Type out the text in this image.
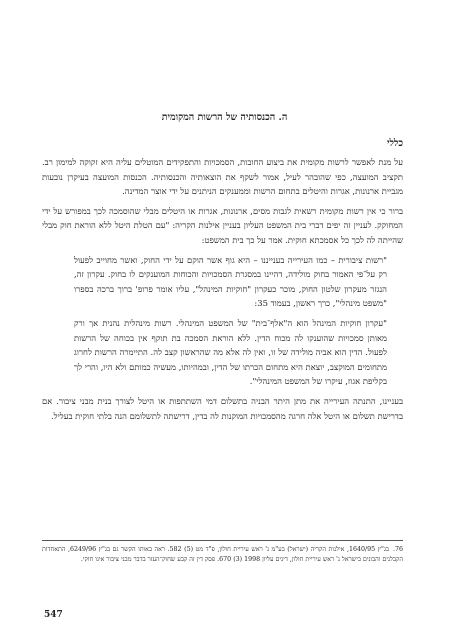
ה. הכנסותיה של הרשות המקומית
כללי

על מנת לאפשר לרשות מקומית את ביצוע החובות, הסמכויות והתפקידים המוטלים עליה היא זקוקה למימון רב. תקציב המועצה, כפי שהובהר לעיל, אמור לשקף את הוצאותיה והכנסותיה. הכנסות המועצה בעיקרן נובעות מגביית ארנונות, אגרות והיטלים בתחום הרשות וממענקים הניתנים על ידי אוצר המדינה.

ברור כי אין רשות מקומית רשאית לגבות מסים, ארנונות, אגרות או היטלים מבלי שהוסמכה לכך במפורש על ידי המחוקק. לעניין זה יפים דברי בית המשפט העליון בעניין אילנות הקריה: "עם הטלת היטל ללא הוראת חוק מבלי שהייתה לה לכך כל אסמכתא חוקית. אמר על כך בית המשפט:

"רשות ציבורית – כמו העירייה בענייננו – היא גוף אשר הוקם על ידי החוק, ואשר מחוייב לפעול רק על־פי האמור בחוק מולידה, דהיינו במסגרת הסמכויות והכוחות המוענקים לו בחוק. עקרון זה, הנגזר מעקרון שלטון החוק, מוכר כעקרון "חוקיות המינהל", עליו אומר פרופ' ברוך ברכה בספרו "משפט מינהלי", כרך ראשון, בעמוד 35:

"עקרון חוקיות המינהל הוא ה"אלף־בית" של המשפט המינהלי. רשות מינהלית נהנית אך ורק מאותן סמכויות שהוענקו לה מכוח הדין. ללא הוראת הסמכה בת תוקף אין בכוחה של הרשות לפעול. הדין הוא אביה מולידה של זו, ואין לה אלא מה שהראשון קצב לה. התיימרה הרשות לחרוג מתחומים המוקצב, יוצאת היא מתחום הכרתו של הדין, ובמהיותו, מעשיה כמותם ולא היו, והרי לך בקליפת אגוז, עיקרו של המשפט המינהלי".

בעניינו, התנתה העירייה את מתן היתר הבניה בתשלום דמי השתתפות או היטל לצורך בנית מבני ציבור. אם בדרישת תשלום או היטל אלה חרגה מהסמכויות המוקנות לה בדין, דרישתה לתשלומם הנה בלתי חוקית בעליל.

76.בג"ץ 1640/95, אילנות הקריה (ישראל) בע"מ נ' ראש עיריית חולון, פ"ד מט (5) 582. ראה באותו הקשר גם בג"ץ 6249/96, התאחדות הקבלנים והבונים בישראל נ' ראש עיריית חולון, דינים עליון 1998 (3) 670. פסק דין זה קבע שחוק־העזר בדבר מבני ציבור אינו חוקי.
547
